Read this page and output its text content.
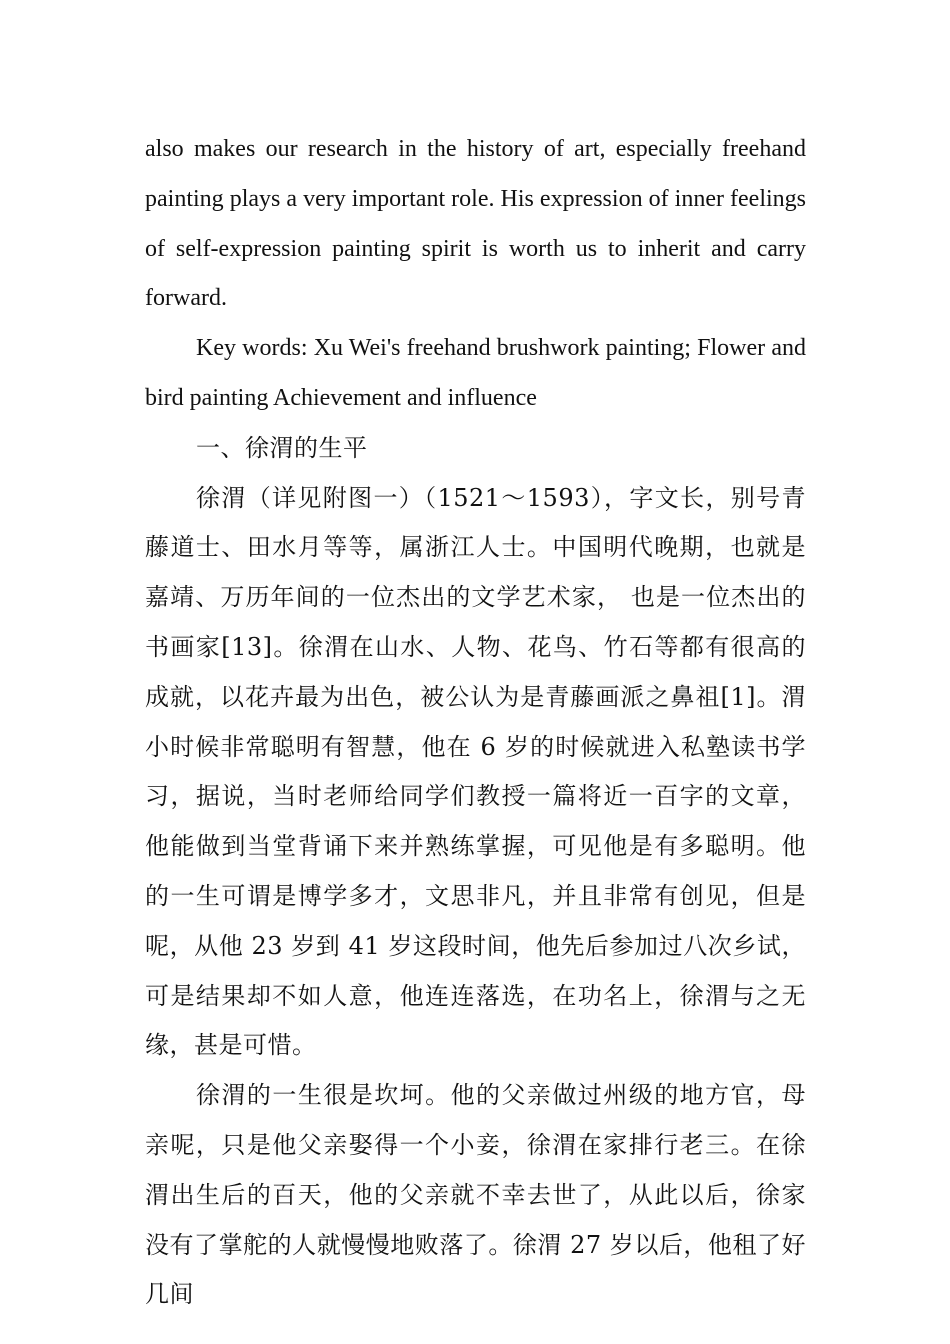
also makes our research in the history of art, especially freehand painting plays a very important role. His expression of inner feelings of self-expression painting spirit is worth us to inherit and carry forward.

Key words: Xu Wei's freehand brushwork painting; Flower and bird painting Achievement and influence

一、徐渭的生平

徐渭（详见附图一）（1521～1593），字文长，别号青藤道士、田水月等等，属浙江人士。中国明代晚期，也就是嘉靖、万历年间的一位杰出的文学艺术家， 也是一位杰出的书画家[13]。徐渭在山水、人物、花鸟、竹石等都有很高的成就，以花卉最为出色，被公认为是青藤画派之鼻祖[1]。渭小时候非常聪明有智慧，他在 6 岁的时候就进入私塾读书学习，据说，当时老师给同学们教授一篇将近一百字的文章，他能做到当堂背诵下来并熟练掌握，可见他是有多聪明。他的一生可谓是博学多才，文思非凡，并且非常有创见，但是呢，从他 23 岁到 41 岁这段时间，他先后参加过八次乡试，可是结果却不如人意，他连连落选，在功名上，徐渭与之无缘，甚是可惜。

徐渭的一生很是坎坷。他的父亲做过州级的地方官，母亲呢，只是他父亲娶得一个小妾，徐渭在家排行老三。在徐渭出生后的百天，他的父亲就不幸去世了，从此以后，徐家没有了掌舵的人就慢慢地败落了。徐渭 27 岁以后，他租了好几间
